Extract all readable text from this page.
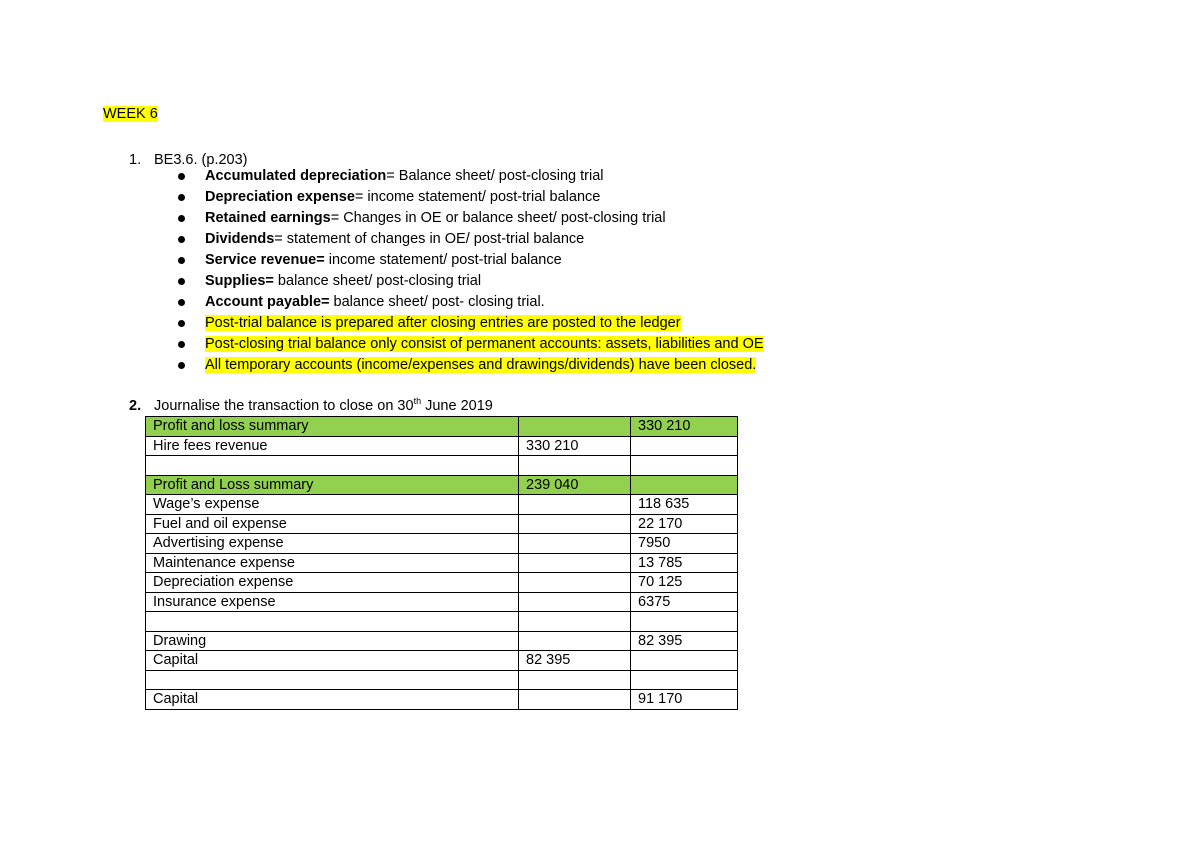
WEEK 6
1. BE3.6. (p.203)
Accumulated depreciation= Balance sheet/ post-closing trial
Depreciation expense= income statement/ post-trial balance
Retained earnings= Changes in OE or balance sheet/ post-closing trial
Dividends= statement of changes in OE/ post-trial balance
Service revenue= income statement/ post-trial balance
Supplies= balance sheet/ post-closing trial
Account payable= balance sheet/ post- closing trial.
Post-trial balance is prepared after closing entries are posted to the ledger
Post-closing trial balance only consist of permanent accounts: assets, liabilities and OE
All temporary accounts (income/expenses and drawings/dividends) have been closed.
2. Journalise the transaction to close on 30th June 2019
Profit and loss summary		330 210
Hire fees revenue	330 210	

Profit and Loss summary	239 040	
Wage’s expense		118 635
Fuel and oil expense		22 170
Advertising expense		7950
Maintenance expense		13 785
Depreciation expense		70 125
Insurance expense		6375

Drawing		82 395
Capital	82 395	

Capital		91 170
